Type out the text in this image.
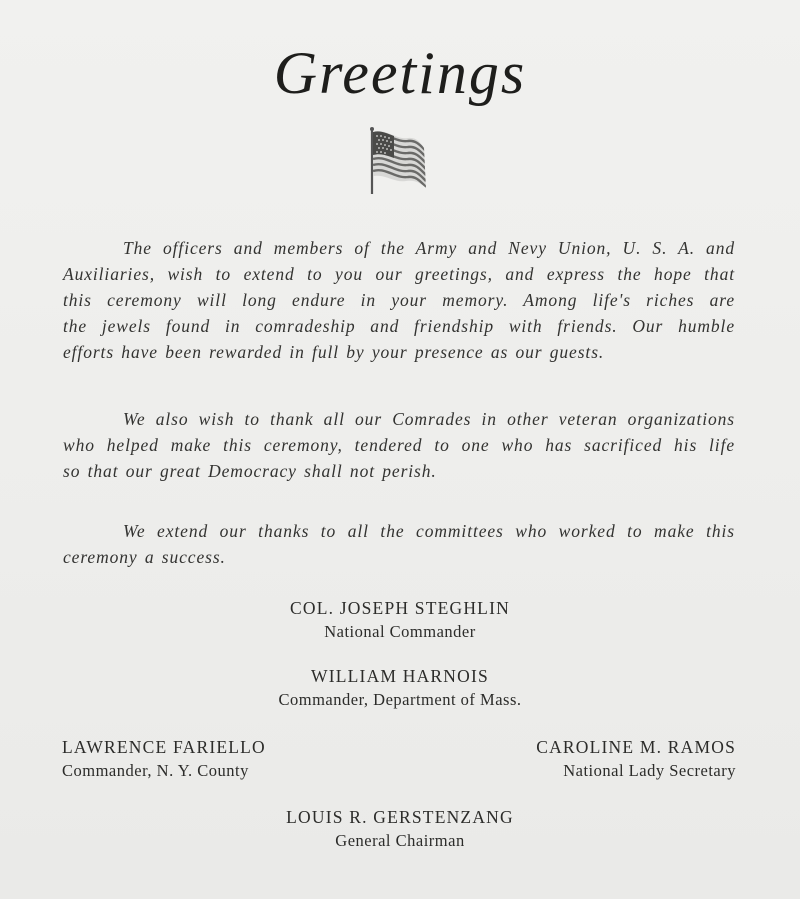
Greetings
The officers and members of the Army and Nevy Union, U. S. A. and
Auxiliaries, wish to extend to you our greetings, and express the hope that
this ceremony will long endure in your memory. Among life's riches are
the jewels found in comradeship and friendship with friends. Our humble
efforts have been rewarded in full by your presence as our guests.
We also wish to thank all our Comrades in other veteran organizations
who helped make this ceremony, tendered to one who has sacrificed his life
so that our great Democracy shall not perish.
We extend our thanks to all the committees who worked to make this
ceremony a success.
COL. JOSEPH STEGHLIN
National Commander
WILLIAM HARNOIS
Commander, Department of Mass.
LAWRENCE FARIELLO
Commander, N. Y. County
CAROLINE M. RAMOS
National Lady Secretary
LOUIS R. GERSTENZANG
General Chairman
